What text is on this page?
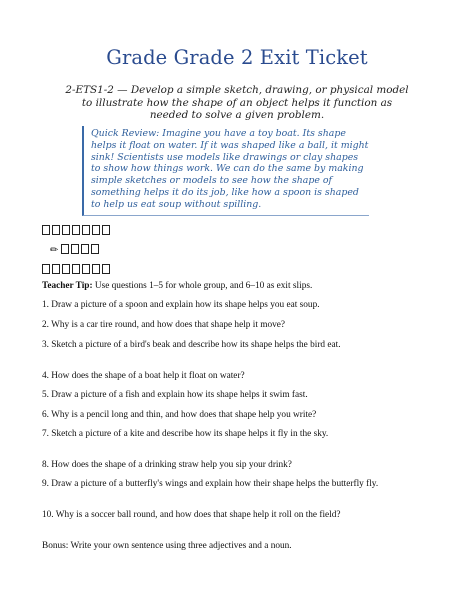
Grade Grade 2 Exit Ticket
2-ETS1-2 — Develop a simple sketch, drawing, or physical model to illustrate how the shape of an object helps it function as needed to solve a given problem.
Quick Review: Imagine you have a toy boat. Its shape helps it float on water. If it was shaped like a ball, it might sink! Scientists use models like drawings or clay shapes to show how things work. We can do the same by making simple sketches or models to see how the shape of something helps it do its job, like how a spoon is shaped to help us eat soup without spilling.
✏
Teacher Tip: Use questions 1–5 for whole group, and 6–10 as exit slips.
1. Draw a picture of a spoon and explain how its shape helps you eat soup.
2. Why is a car tire round, and how does that shape help it move?
3. Sketch a picture of a bird's beak and describe how its shape helps the bird eat.
4. How does the shape of a boat help it float on water?
5. Draw a picture of a fish and explain how its shape helps it swim fast.
6. Why is a pencil long and thin, and how does that shape help you write?
7. Sketch a picture of a kite and describe how its shape helps it fly in the sky.
8. How does the shape of a drinking straw help you sip your drink?
9. Draw a picture of a butterfly's wings and explain how their shape helps the butterfly fly.
10. Why is a soccer ball round, and how does that shape help it roll on the field?
Bonus: Write your own sentence using three adjectives and a noun.
